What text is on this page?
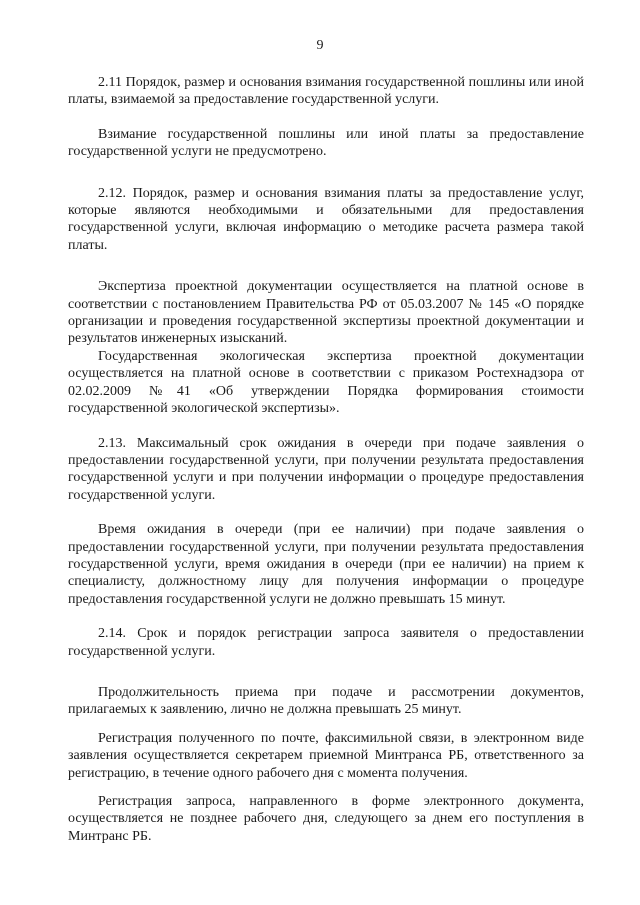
9

2.11 Порядок, размер и основания взимания государственной пошлины или иной платы, взимаемой за предоставление государственной услуги.

Взимание государственной пошлины или иной платы за предоставление государственной услуги не предусмотрено.

2.12. Порядок, размер и основания взимания платы за предоставление услуг, которые являются необходимыми и обязательными для предоставления государственной услуги, включая информацию о методике расчета размера такой платы.

Экспертиза проектной документации осуществляется на платной основе в соответствии с постановлением Правительства РФ от 05.03.2007 № 145 «О порядке организации и проведения государственной экспертизы проектной документации и результатов инженерных изысканий.

Государственная экологическая экспертиза проектной документации осуществляется на платной основе в соответствии с приказом Ростехнадзора от 02.02.2009 №41 «Об утверждении Порядка формирования стоимости государственной экологической экспертизы».

2.13. Максимальный срок ожидания в очереди при подаче заявления о предоставлении государственной услуги, при получении результата предоставления государственной услуги и при получении информации о процедуре предоставления государственной услуги.

Время ожидания в очереди (при ее наличии) при подаче заявления о предоставлении государственной услуги, при получении результата предоставления государственной услуги, время ожидания в очереди (при ее наличии) на прием к специалисту, должностному лицу для получения информации о процедуре предоставления государственной услуги не должно превышать 15 минут.

2.14. Срок и порядок регистрации запроса заявителя о предоставлении государственной услуги.

Продолжительность приема при подаче и рассмотрении документов, прилагаемых к заявлению, лично не должна превышать 25 минут.

Регистрация полученного по почте, факсимильной связи, в электронном виде заявления осуществляется секретарем приемной Минтранса РБ, ответственного за регистрацию, в течение одного рабочего дня с момента получения.

Регистрация запроса, направленного в форме электронного документа, осуществляется не позднее рабочего дня, следующего за днем его поступления в Минтранс РБ.
